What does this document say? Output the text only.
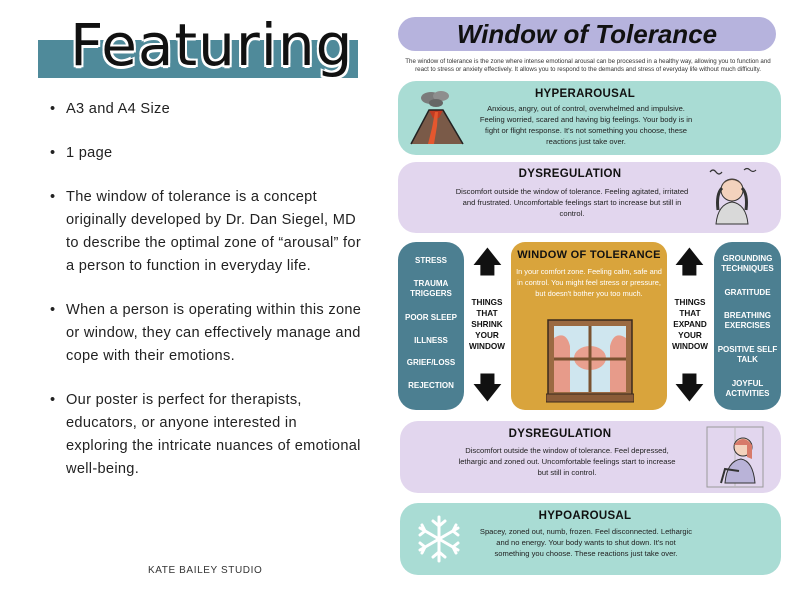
Featuring
• A3 and A4 Size
• 1 page
• The window of tolerance is a concept originally developed by Dr. Dan Siegel, MD to describe the optimal zone of “arousal” for a person to function in everyday life.
• When a person is operating within this zone or window, they can effectively manage and cope with their emotions.
• Our poster is perfect for therapists, educators, or anyone interested in exploring the intricate nuances of emotional well-being.
KATE BAILEY STUDIO
Window of Tolerance
The window of tolerance is the zone where intense emotional arousal can be processed in a healthy way, allowing you to function and react to stress or anxiety effectively. It allows you to respond to the demands and stress of everyday life without much difficulty.
HYPERAROUSAL
Anxious, angry, out of control, overwhelmed and impulsive. Feeling worried, scared and having big feelings. Your body is in fight or flight response. It's not something you choose, these reactions just take over.
DYSREGULATION
Discomfort outside the window of tolerance. Feeling agitated, irritated and frustrated. Uncomfortable feelings start to increase but still in control.
STRESS
TRAUMA TRIGGERS
POOR SLEEP
ILLNESS
GRIEF/LOSS
REJECTION
🡅
THINGS THAT SHRINK YOUR WINDOW
🡇
WINDOW OF TOLERANCE
In your comfort zone. Feeling calm, safe and in control. You might feel stress or pressure, but doesn't bother you too much.
🡅
THINGS THAT EXPAND YOUR WINDOW
🡇
GROUNDING TECHNIQUES
GRATITUDE
BREATHING EXERCISES
POSITIVE SELF TALK
JOYFUL ACTIVITIES
DYSREGULATION
Discomfort outside the window of tolerance. Feel depressed, lethargic and zoned out. Uncomfortable feelings start to increase but still in control.
HYPOAROUSAL
Spacey, zoned out, numb, frozen. Feel disconnected. Lethargic and no energy. Your body wants to shut down. It's not something you choose. These reactions just take over.
